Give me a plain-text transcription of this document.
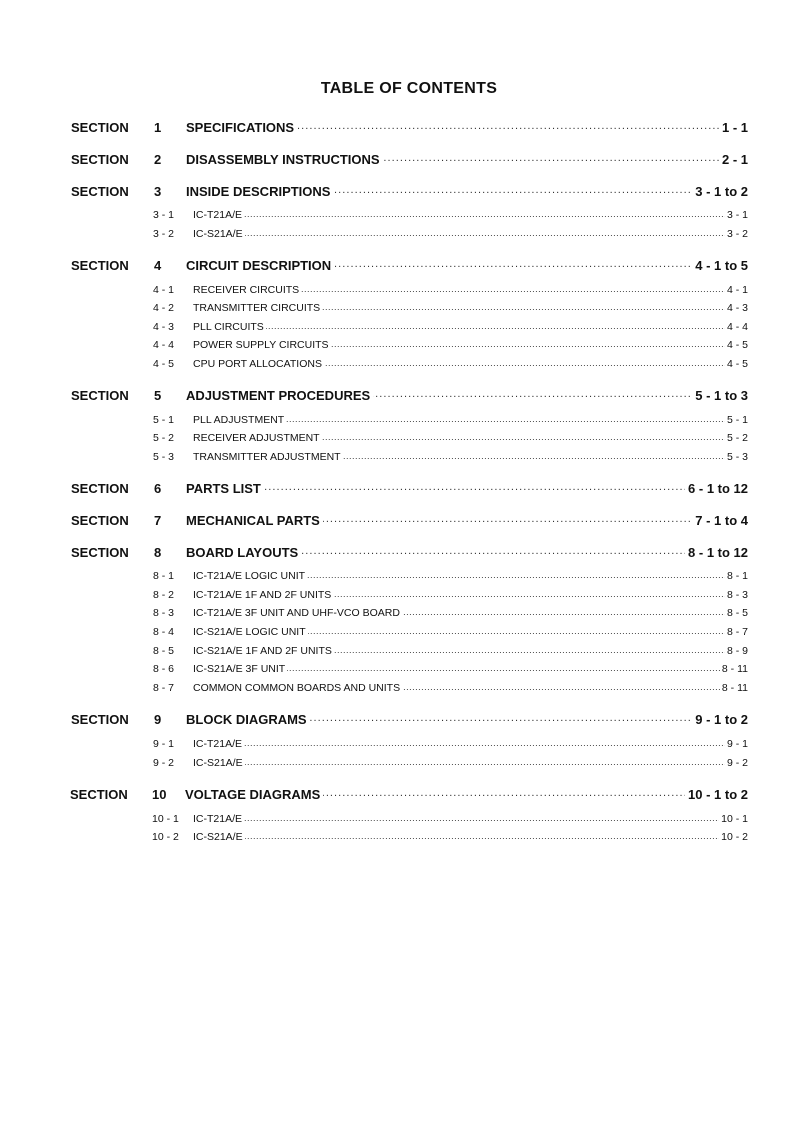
TABLE OF CONTENTS
SECTION 1 . . . SPECIFICATIONS	1 - 1
SECTION 2 . . . DISASSEMBLY INSTRUCTIONS	2 - 1
SECTION 3 . . . INSIDE DESCRIPTIONS	3 - 1 to 2
3 - 1 . . . IC-T21A/E	3 - 1
3 - 2 . . . IC-S21A/E	3 - 2
SECTION 4 . . . CIRCUIT DESCRIPTION	4 - 1 to 5
4 - 1 . . . RECEIVER CIRCUITS	4 - 1
4 - 2 . . . TRANSMITTER CIRCUITS	4 - 3
4 - 3 . . . PLL CIRCUITS	4 - 4
4 - 4 . . . POWER SUPPLY CIRCUITS	4 - 5
4 - 5 . . . CPU PORT ALLOCATIONS	4 - 5
SECTION 5 . . . ADJUSTMENT PROCEDURES	5 - 1 to 3
5 - 1 . . . PLL ADJUSTMENT	5 - 1
5 - 2 . . . RECEIVER ADJUSTMENT	5 - 2
5 - 3 . . . TRANSMITTER ADJUSTMENT	5 - 3
SECTION 6 . . . PARTS LIST	6 - 1 to 12
SECTION 7 . . . MECHANICAL PARTS	7 - 1 to 4
SECTION 8 . . . BOARD LAYOUTS	8 - 1 to 12
8 - 1 . . . IC-T21A/E LOGIC UNIT	8 - 1
8 - 2 . . . IC-T21A/E 1F AND 2F UNITS	8 - 3
8 - 3 . . . IC-T21A/E 3F UNIT AND UHF-VCO BOARD	8 - 5
8 - 4 . . . IC-S21A/E LOGIC UNIT	8 - 7
8 - 5 . . . IC-S21A/E 1F AND 2F UNITS	8 - 9
8 - 6 . . . IC-S21A/E 3F UNIT	8 - 11
8 - 7 . . . COMMON COMMON BOARDS AND UNITS	8 - 11
SECTION 9 . . . BLOCK DIAGRAMS	9 - 1 to 2
9 - 1 . . . IC-T21A/E	9 - 1
9 - 2 . . . IC-S21A/E	9 - 2
SECTION 10 . . . VOLTAGE DIAGRAMS	10 - 1 to 2
10 - 1 . . . IC-T21A/E	10 - 1
10 - 2 . . . IC-S21A/E	10 - 2
